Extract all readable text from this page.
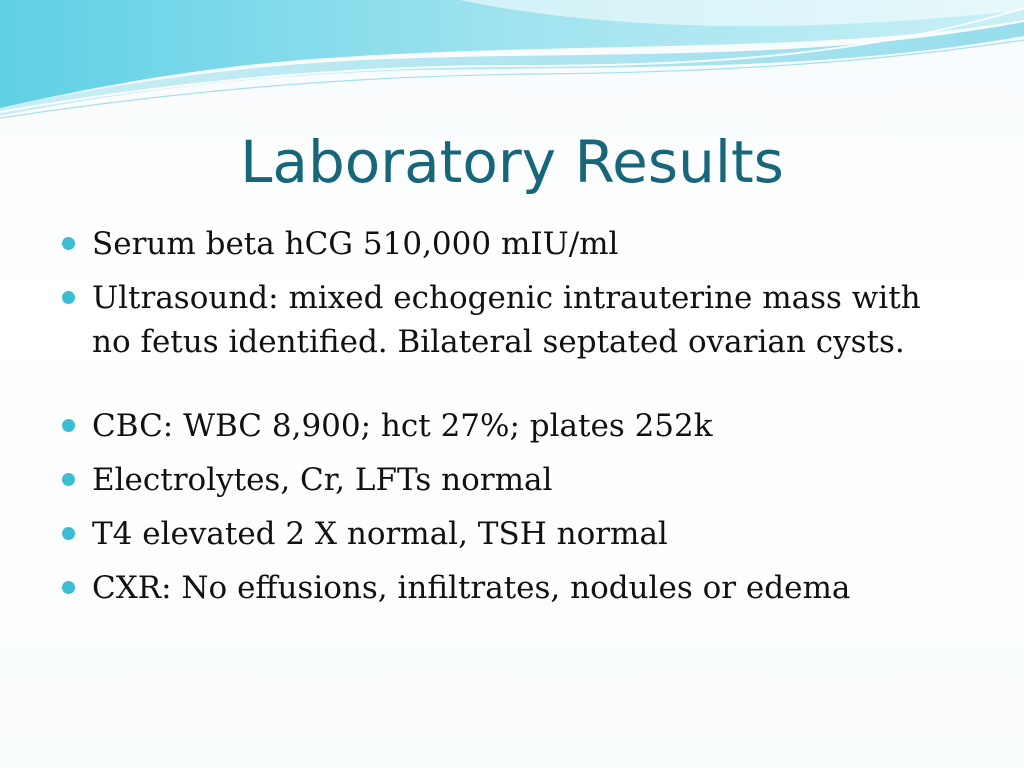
Laboratory Results
Serum beta hCG 510,000 mIU/ml
Ultrasound: mixed echogenic intrauterine mass with no fetus identified. Bilateral septated ovarian cysts.
CBC: WBC 8,900; hct 27%; plates 252k
Electrolytes, Cr, LFTs normal
T4 elevated 2 X normal, TSH normal
CXR: No effusions, infiltrates, nodules or edema
